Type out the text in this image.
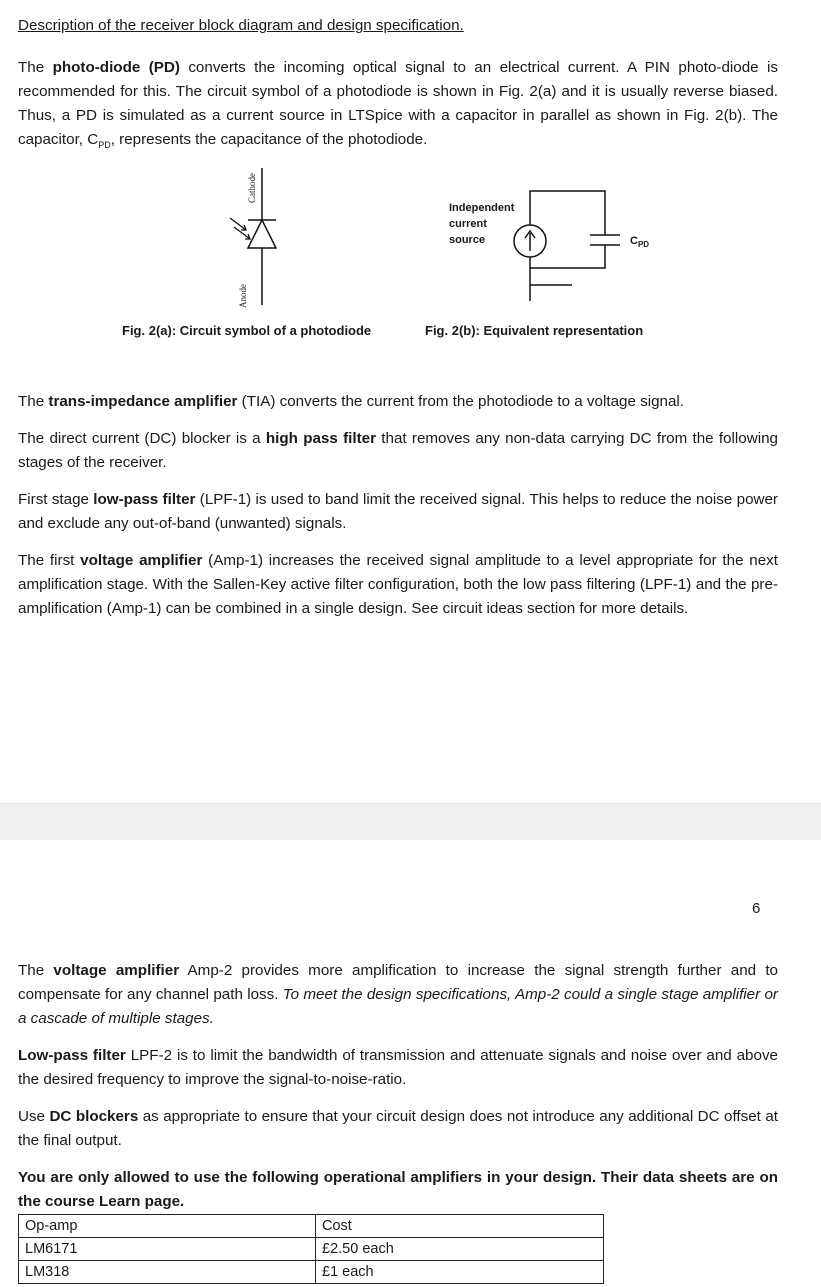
Description of the receiver block diagram and design specification.

The photo-diode (PD) converts the incoming optical signal to an electrical current. A PIN photo-diode is recommended for this. The circuit symbol of a photodiode is shown in Fig. 2(a) and it is usually reverse biased. Thus, a PD is simulated as a current source in LTSpice with a capacitor in parallel as shown in Fig. 2(b). The capacitor, $C_{PD}$, represents the capacitance of the photodiode.

Cathode
Anode
Fig. 2(a): Circuit symbol of a photodiode
Independent
current
source	$C_{PD}$
Fig. 2(b): Equivalent representation

The trans-impedance amplifier (TIA) converts the current from the photodiode to a voltage signal.

The direct current (DC) blocker is a high pass filter that removes any non-data carrying DC from the following stages of the receiver.

First stage low-pass filter (LPF-1) is used to band limit the received signal. This helps to reduce the noise power and exclude any out-of-band (unwanted) signals.

The first voltage amplifier (Amp-1) increases the received signal amplitude to a level appropriate for the next amplification stage. With the Sallen-Key active filter configuration, both the low pass filtering (LPF-1) and the pre-amplification (Amp-1) can be combined in a single design. See circuit ideas section for more details.

6

The voltage amplifier Amp-2 provides more amplification to increase the signal strength further and to compensate for any channel path loss. To meet the design specifications, Amp-2 could a single stage amplifier or a cascade of multiple stages.

Low-pass filter LPF-2 is to limit the bandwidth of transmission and attenuate signals and noise over and above the desired frequency to improve the signal-to-noise-ratio.

Use DC blockers as appropriate to ensure that your circuit design does not introduce any additional DC offset at the final output.

You are only allowed to use the following operational amplifiers in your design. Their data sheets are on the course Learn page.

Op-amp	Cost
LM6171	£2.50 each
LM318	£1 each
